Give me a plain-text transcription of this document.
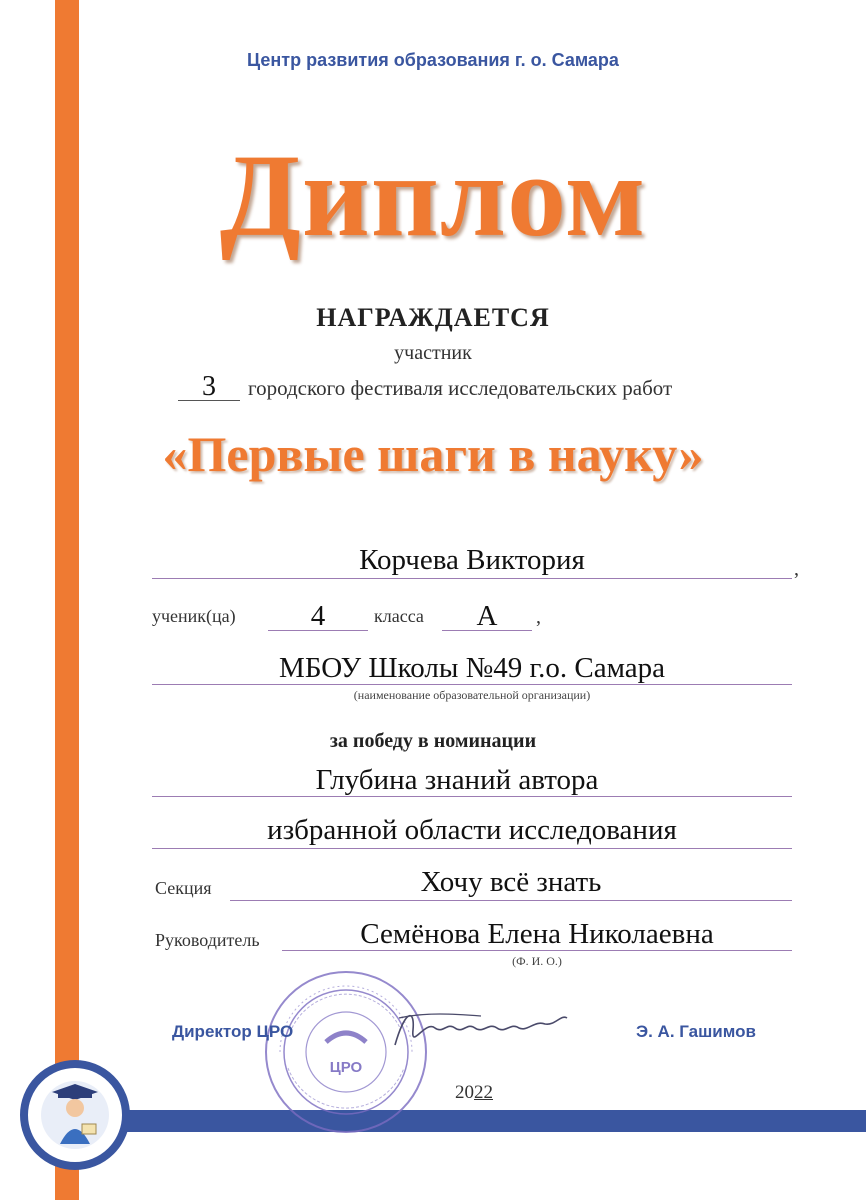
Центр развития образования г. о. Самара
Диплом
НАГРАЖДАЕТСЯ
участник
3 городского фестиваля исследовательских работ
«Первые шаги в науку»
Корчева Виктория	,
ученик(ца)	4	класса	А	,
МБОУ Школы №49 г.о. Самара
(наименование образовательной организации)
за победу в номинации
Глубина знаний автора
избранной области исследования
Секция	Хочу всё знать
Руководитель	Семёнова Елена Николаевна
(Ф. И. О.)
ЦРО
Директор ЦРО	Э. А. Гашимов
2022
